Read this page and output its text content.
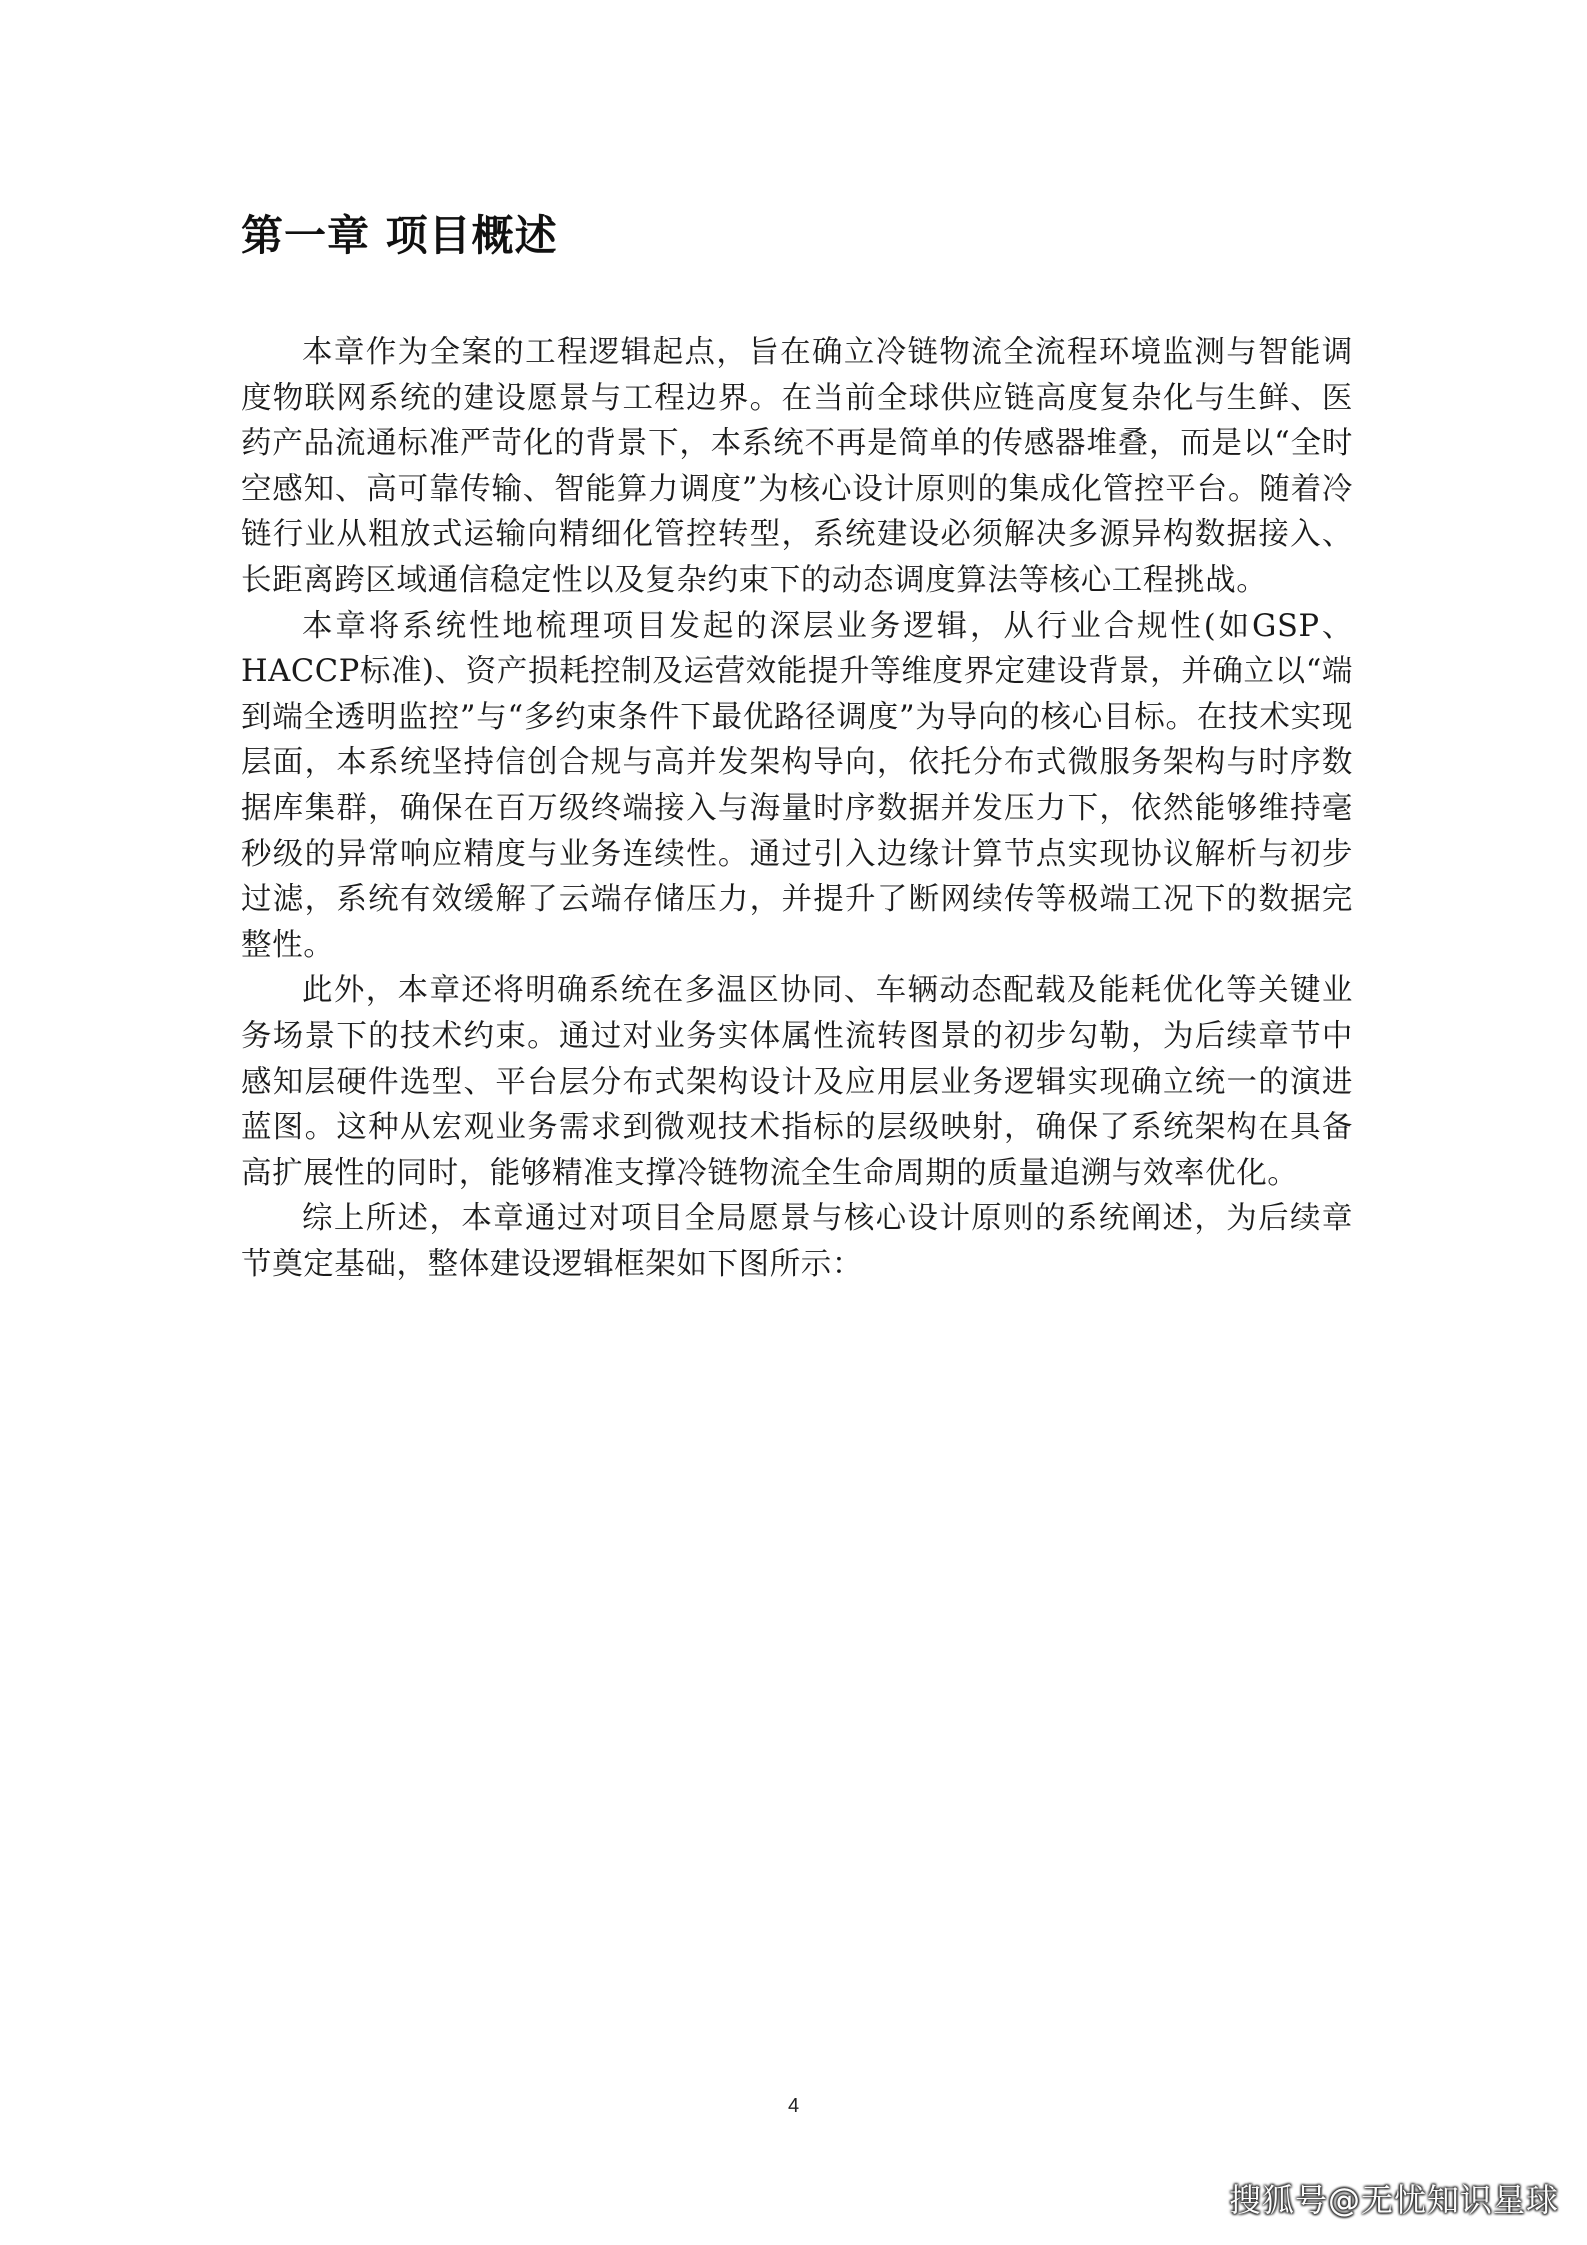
第一章 项目概述

本章作为全案的工程逻辑起点，旨在确立冷链物流全流程环境监测与智能调度物联网系统的建设愿景与工程边界。在当前全球供应链高度复杂化与生鲜、医药产品流通标准严苛化的背景下，本系统不再是简单的传感器堆叠，而是以“全时空感知、高可靠传输、智能算力调度”为核心设计原则的集成化管控平台。随着冷链行业从粗放式运输向精细化管控转型，系统建设必须解决多源异构数据接入、长距离跨区域通信稳定性以及复杂约束下的动态调度算法等核心工程挑战。

本章将系统性地梳理项目发起的深层业务逻辑，从行业合规性(如GSP、HACCP标准)、资产损耗控制及运营效能提升等维度界定建设背景，并确立以“端到端全透明监控”与“多约束条件下最优路径调度”为导向的核心目标。在技术实现层面，本系统坚持信创合规与高并发架构导向，依托分布式微服务架构与时序数据库集群，确保在百万级终端接入与海量时序数据并发压力下，依然能够维持毫秒级的异常响应精度与业务连续性。通过引入边缘计算节点实现协议解析与初步过滤，系统有效缓解了云端存储压力，并提升了断网续传等极端工况下的数据完整性。

此外，本章还将明确系统在多温区协同、车辆动态配载及能耗优化等关键业务场景下的技术约束。通过对业务实体属性流转图景的初步勾勒，为后续章节中感知层硬件选型、平台层分布式架构设计及应用层业务逻辑实现确立统一的演进蓝图。这种从宏观业务需求到微观技术指标的层级映射，确保了系统架构在具备高扩展性的同时，能够精准支撑冷链物流全生命周期的质量追溯与效率优化。

综上所述，本章通过对项目全局愿景与核心设计原则的系统阐述，为后续章节奠定基础，整体建设逻辑框架如下图所示：

4
搜狐号@无忧知识星球
